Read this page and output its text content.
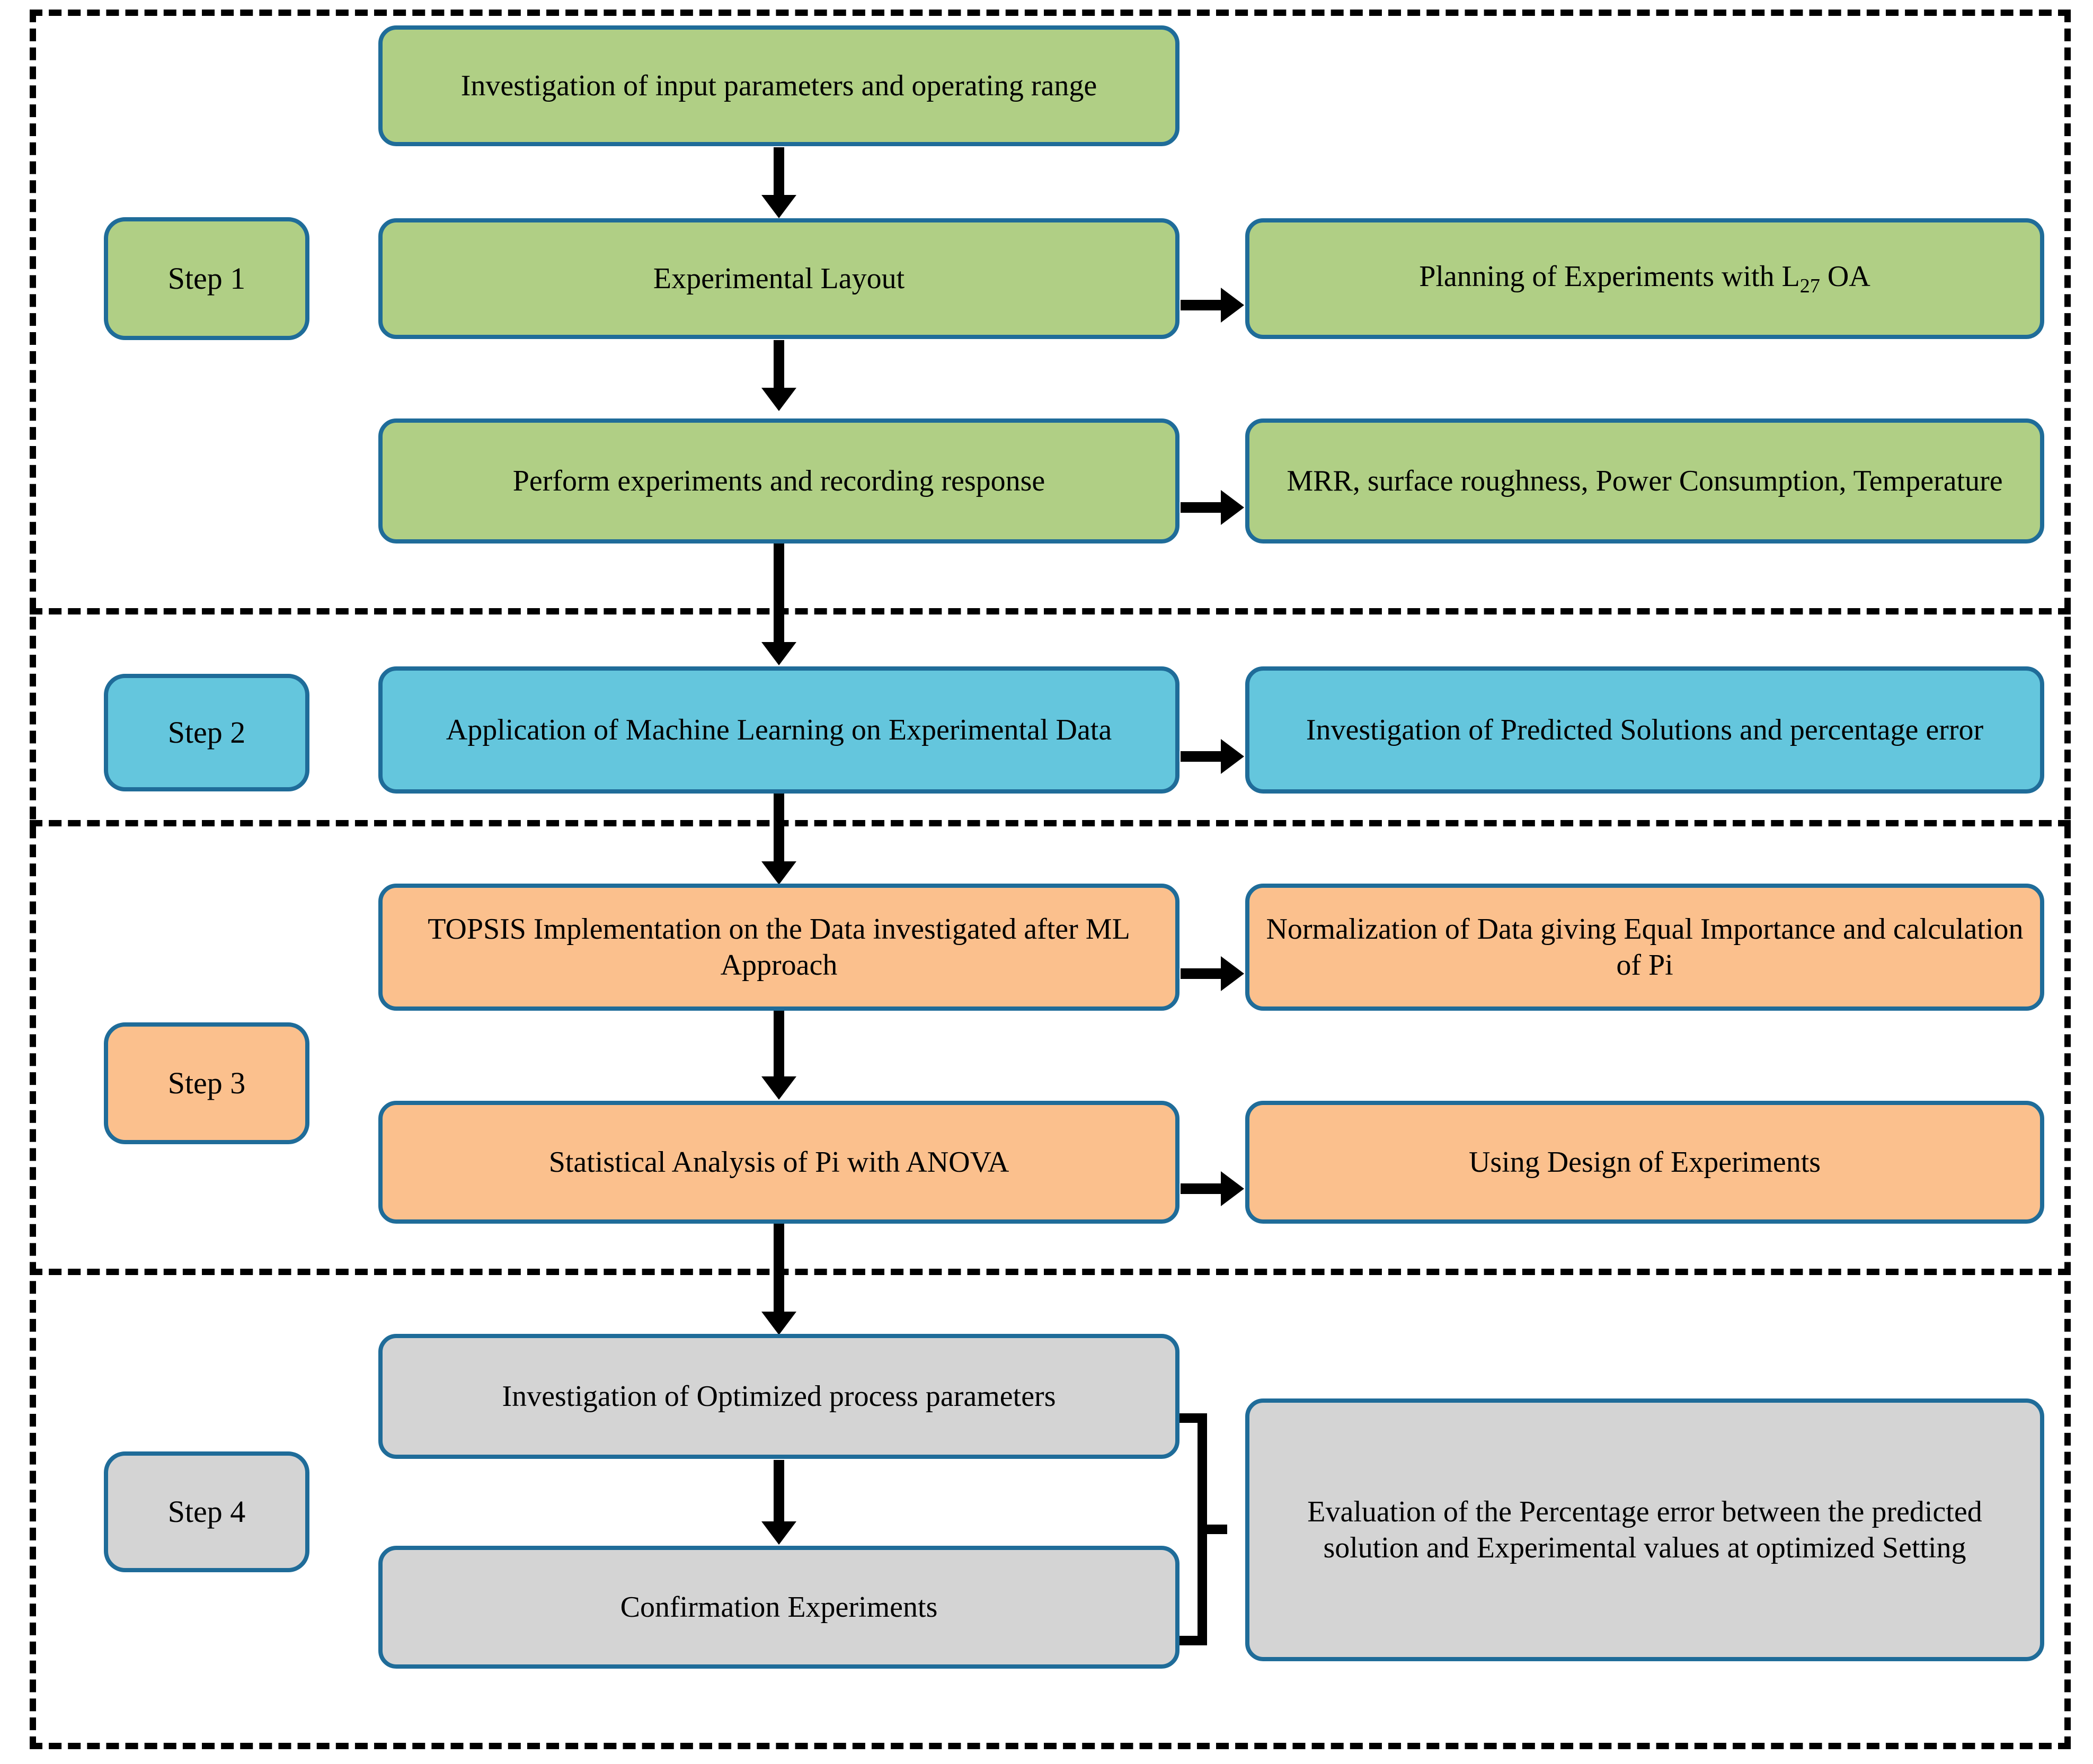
Step 1
Investigation of input parameters and operating range
Experimental Layout	Planning of Experiments with $L_{27}$ OA
Perform experiments and recording response	MRR, surface roughness, Power Consumption, Temperature
Step 2	Application of Machine Learning on Experimental Data	Investigation of Predicted Solutions and percentage error
Step 3
TOPSIS Implementation on the Data investigated after ML Approach
Normalization of Data giving Equal Importance and calculation of Pi
Statistical Analysis of Pi with ANOVA	Using Design of Experiments
Step 4
Investigation of Optimized process parameters
Confirmation Experiments
Evaluation of the Percentage error between the predicted solution and Experimental values at optimized Setting
